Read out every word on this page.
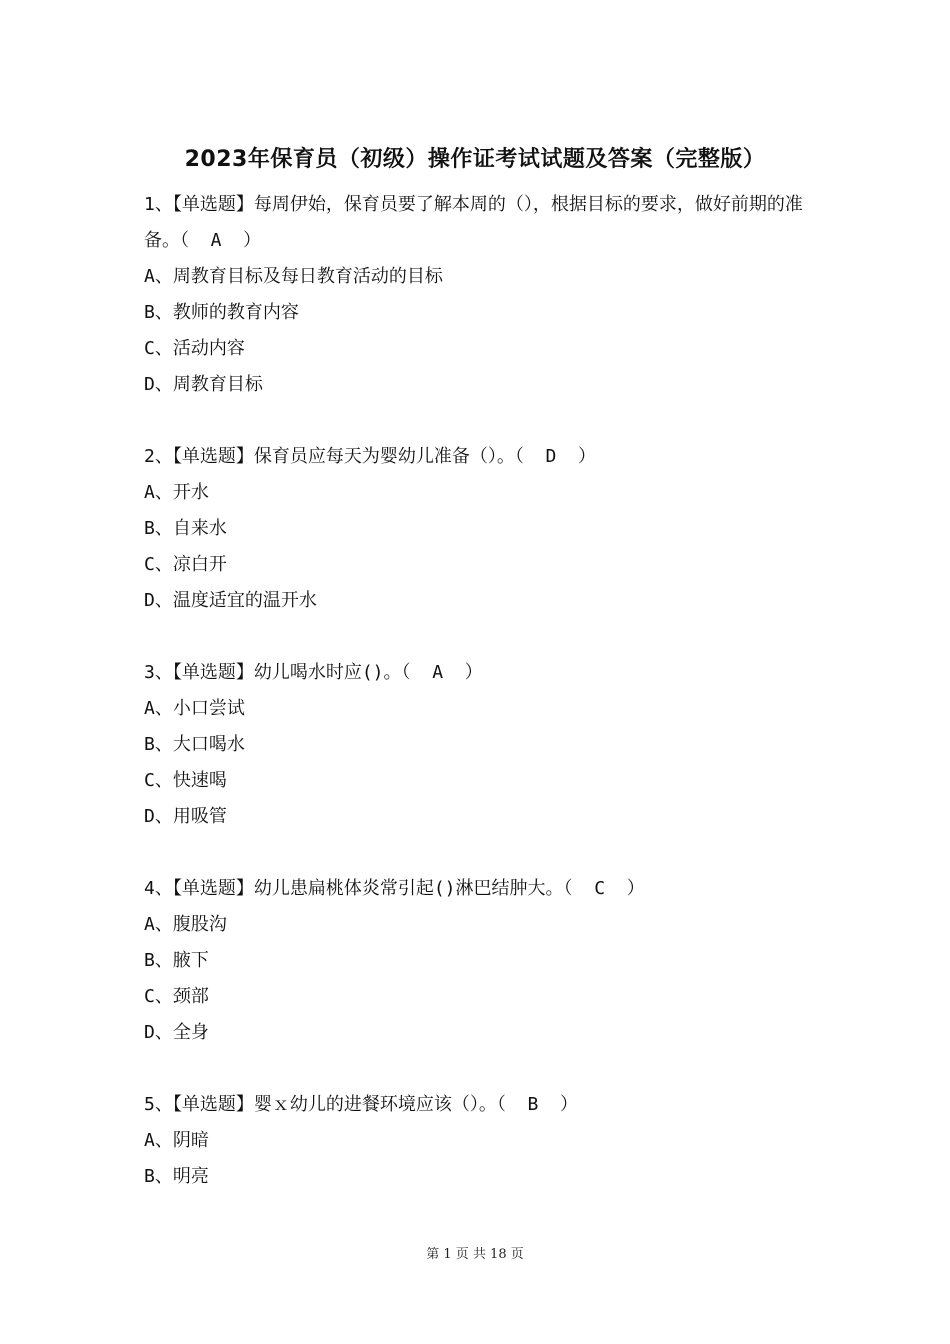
2023年保育员（初级）操作证考试试题及答案（完整版）
1、【单选题】每周伊始，保育员要了解本周的（），根据目标的要求，做好前期的准备。（  A  ）
A、周教育目标及每日教育活动的目标
B、教师的教育内容
C、活动内容
D、周教育目标
2、【单选题】保育员应每天为婴幼儿准备（）。（  D  ）
A、开水
B、自来水
C、凉白开
D、温度适宜的温开水
3、【单选题】幼儿喝水时应()。（  A  ）
A、小口尝试
B、大口喝水
C、快速喝
D、用吸管
4、【单选题】幼儿患扁桃体炎常引起()淋巴结肿大。（  C  ）
A、腹股沟
B、腋下
C、颈部
D、全身
5、【单选题】婴ｘ幼儿的进餐环境应该（）。（  B  ）
A、阴暗
B、明亮
第 1 页 共 18 页
